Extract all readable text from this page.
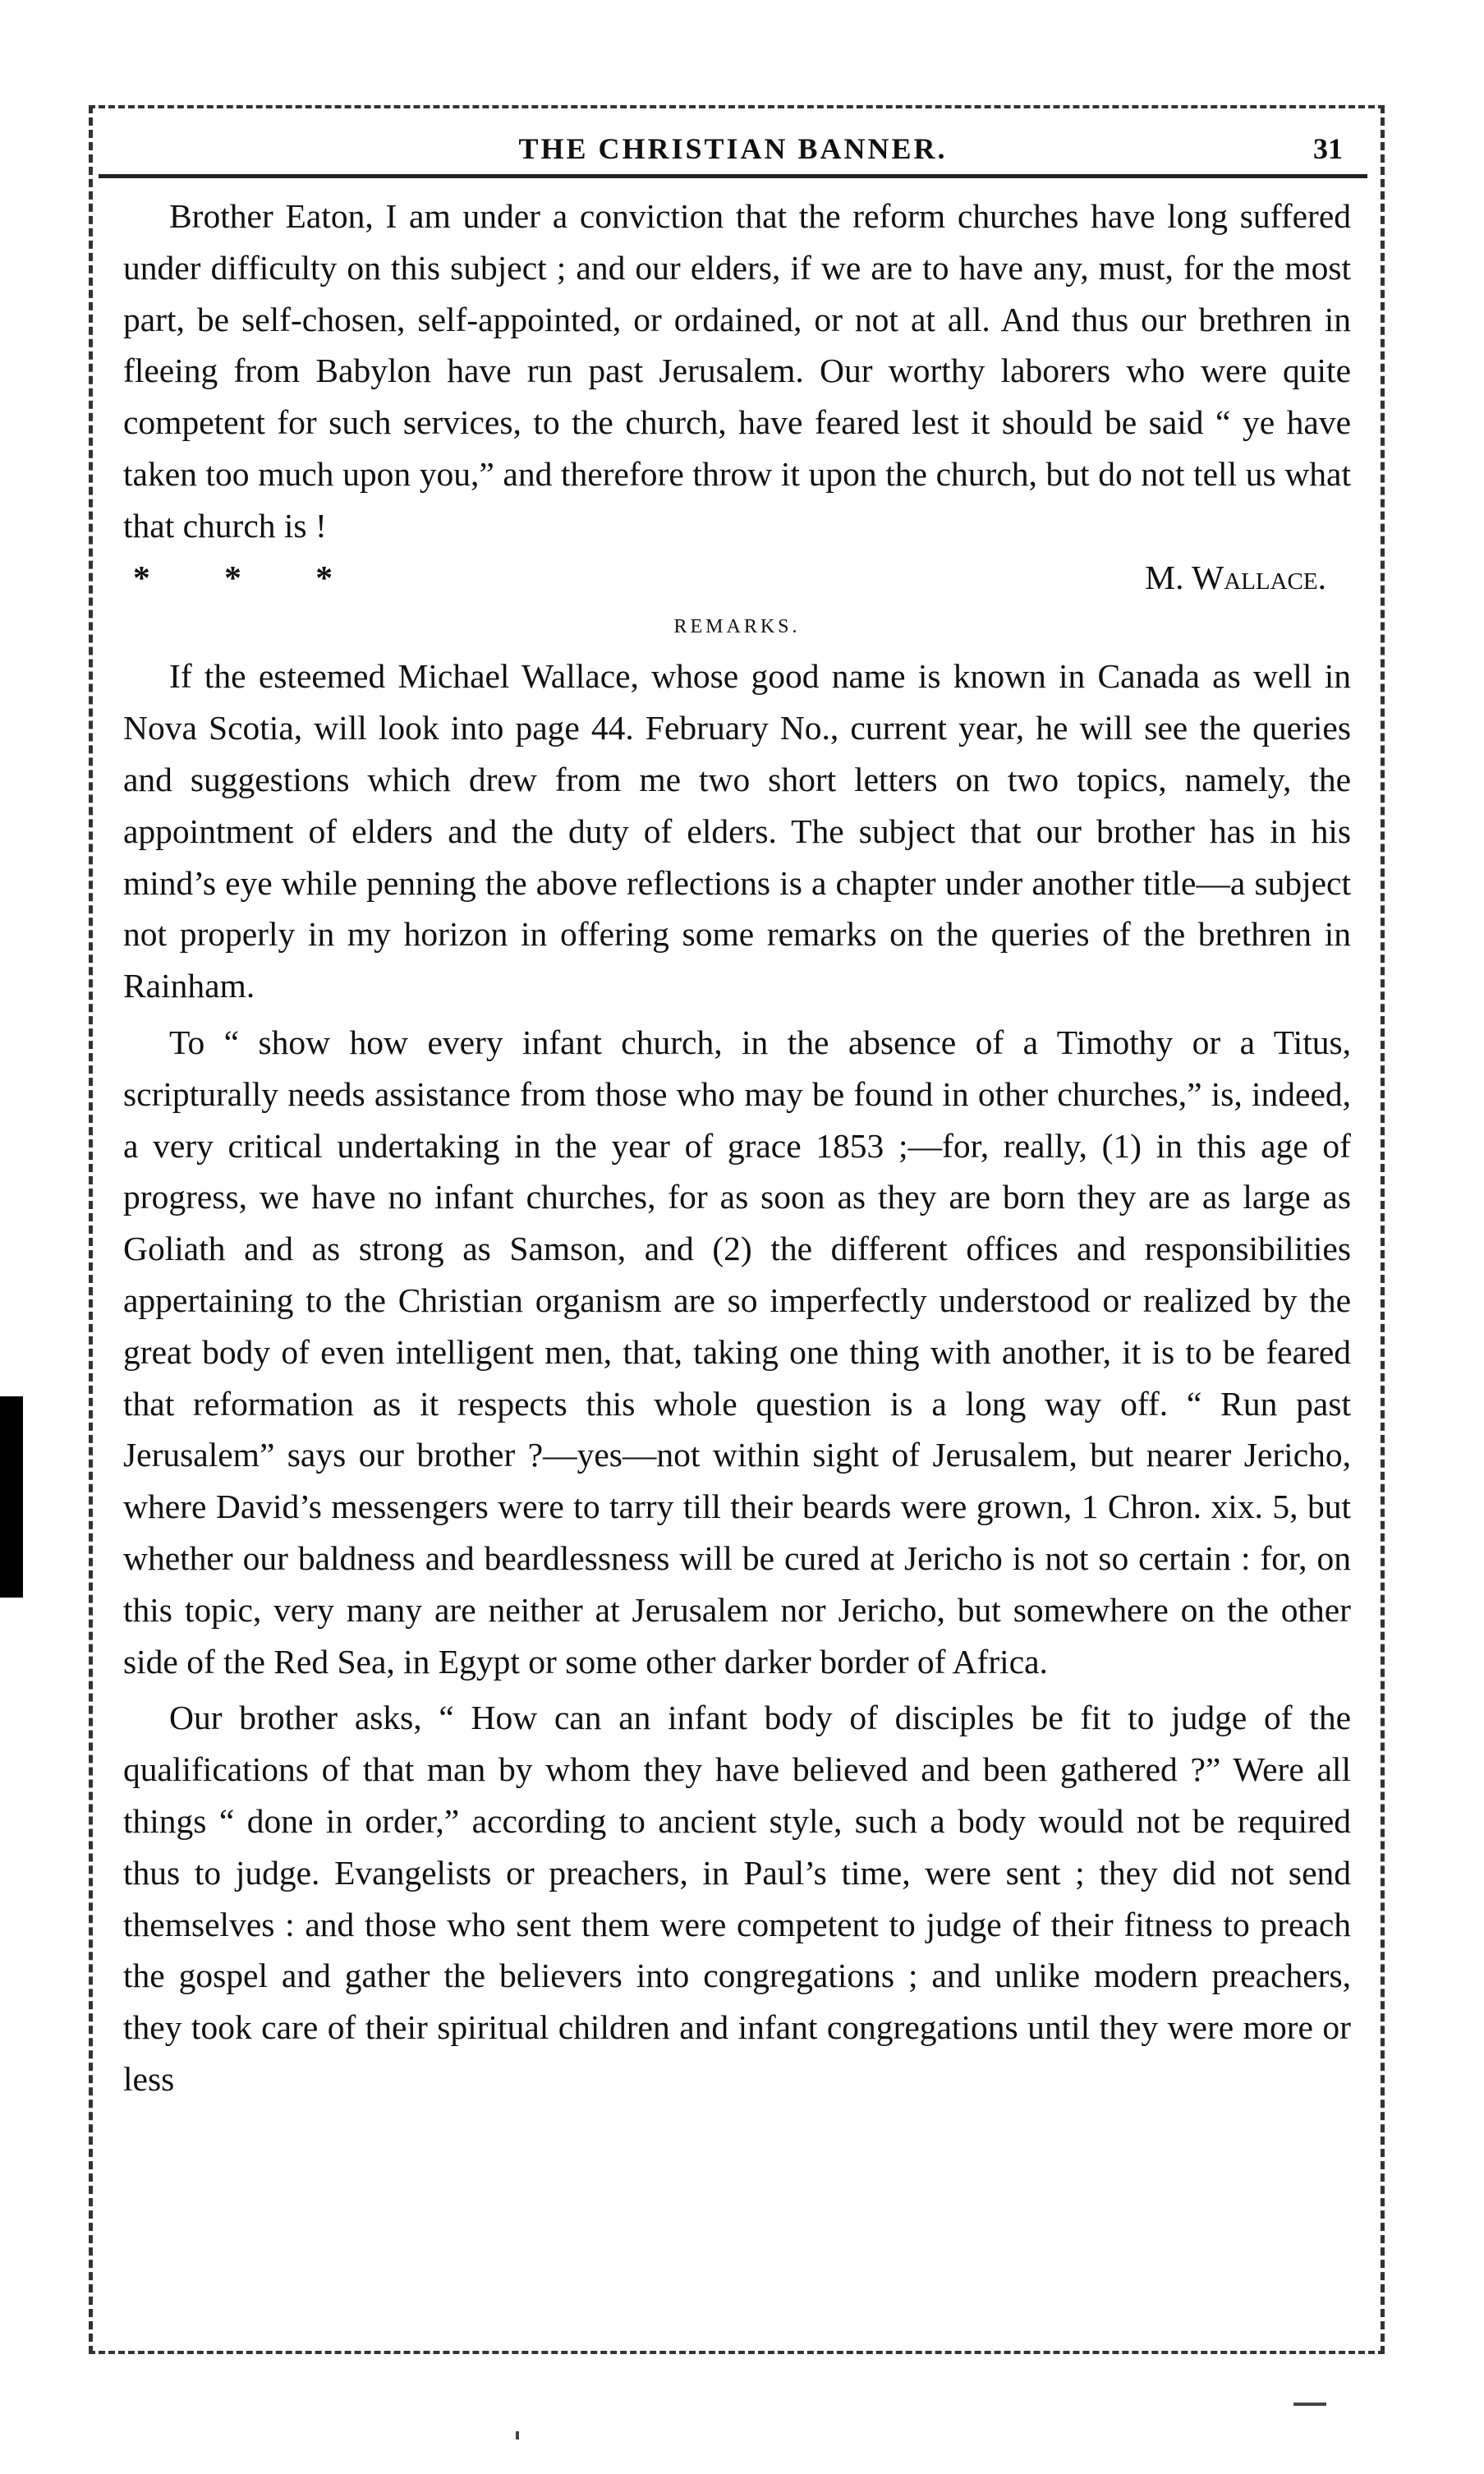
THE CHRISTIAN BANNER.	31

Brother Eaton, I am under a conviction that the reform churches have long suffered under difficulty on this subject ; and our elders, if we are to have any, must, for the most part, be self-chosen, self-appointed, or ordained, or not at all. And thus our brethren in fleeing from Babylon have run past Jerusalem. Our worthy laborers who were quite competent for such services, to the church, have feared lest it should be said “ ye have taken too much upon you,” and therefore throw it upon the church, but do not tell us what that church is !

* * *	M. Wallace.
REMARKS.

If the esteemed Michael Wallace, whose good name is known in Canada as well in Nova Scotia, will look into page 44. February No., current year, he will see the queries and suggestions which drew from me two short letters on two topics, namely, the appointment of elders and the duty of elders. The subject that our brother has in his mind’s eye while penning the above reflections is a chapter under another title—a subject not properly in my horizon in offering some remarks on the queries of the brethren in Rainham.

To “ show how every infant church, in the absence of a Timothy or a Titus, scripturally needs assistance from those who may be found in other churches,” is, indeed, a very critical undertaking in the year of grace 1853 ;—for, really, (1) in this age of progress, we have no infant churches, for as soon as they are born they are as large as Goliath and as strong as Samson, and (2) the different offices and responsibilities appertaining to the Christian organism are so imperfectly understood or realized by the great body of even intelligent men, that, taking one thing with another, it is to be feared that reformation as it respects this whole question is a long way off. “ Run past Jerusalem” says our brother ?—yes—not within sight of Jerusalem, but nearer Jericho, where David’s messengers were to tarry till their beards were grown, 1 Chron. xix. 5, but whether our baldness and beardlessness will be cured at Jericho is not so certain : for, on this topic, very many are neither at Jerusalem nor Jericho, but somewhere on the other side of the Red Sea, in Egypt or some other darker border of Africa.

Our brother asks, “ How can an infant body of disciples be fit to judge of the qualifications of that man by whom they have believed and been gathered ?” Were all things “ done in order,” according to ancient style, such a body would not be required thus to judge. Evangelists or preachers, in Paul’s time, were sent ; they did not send themselves : and those who sent them were competent to judge of their fitness to preach the gospel and gather the believers into congregations ; and unlike modern preachers, they took care of their spiritual children and infant congregations until they were more or less
